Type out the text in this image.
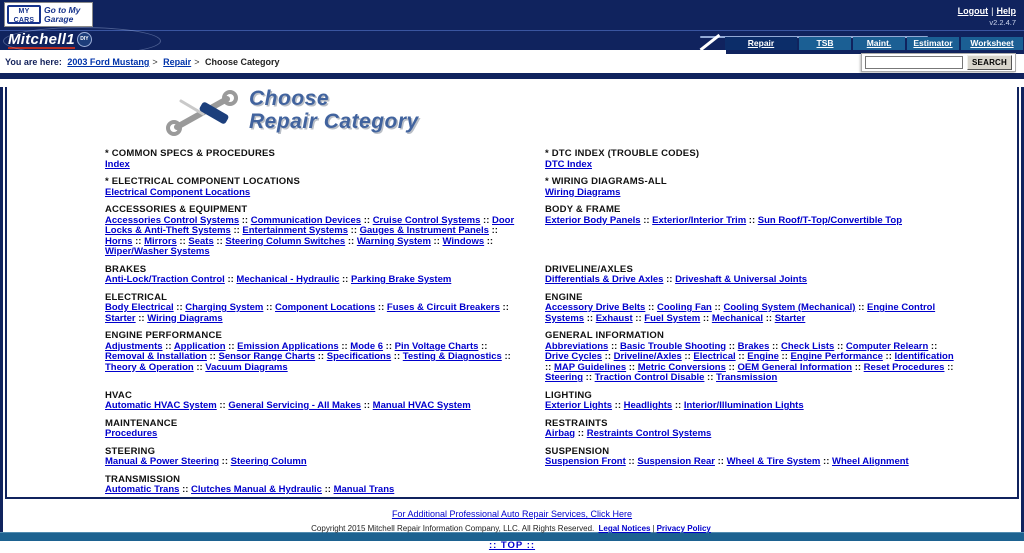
MY CARS
Go to My Garage
Logout | Help
v2.2.4.7
Mitchell1 DIY	Repair	TSB	Maint.	Estimator	Worksheet
You are here: 2003 Ford Mustang > Repair > Choose Category	SEARCH
Choose
Repair Category
* COMMON SPECS & PROCEDURES
Index
* DTC INDEX (TROUBLE CODES)
DTC Index
* ELECTRICAL COMPONENT LOCATIONS
Electrical Component Locations
* WIRING DIAGRAMS-ALL
Wiring Diagrams
ACCESSORIES & EQUIPMENT
Accessories Control Systems :: Communication Devices :: Cruise Control Systems :: Door Locks & Anti-Theft Systems :: Entertainment Systems :: Gauges & Instrument Panels :: Horns :: Mirrors :: Seats :: Steering Column Switches :: Warning System :: Windows :: Wiper/Washer Systems
BODY & FRAME
Exterior Body Panels :: Exterior/Interior Trim :: Sun Roof/T-Top/Convertible Top
BRAKES
Anti-Lock/Traction Control :: Mechanical - Hydraulic :: Parking Brake System
DRIVELINE/AXLES
Differentials & Drive Axles :: Driveshaft & Universal Joints
ELECTRICAL
Body Electrical :: Charging System :: Component Locations :: Fuses & Circuit Breakers :: Starter :: Wiring Diagrams
ENGINE
Accessory Drive Belts :: Cooling Fan :: Cooling System (Mechanical) :: Engine Control Systems :: Exhaust :: Fuel System :: Mechanical :: Starter
ENGINE PERFORMANCE
Adjustments :: Application :: Emission Applications :: Mode 6 :: Pin Voltage Charts :: Removal & Installation :: Sensor Range Charts :: Specifications :: Testing & Diagnostics :: Theory & Operation :: Vacuum Diagrams
GENERAL INFORMATION
Abbreviations :: Basic Trouble Shooting :: Brakes :: Check Lists :: Computer Relearn :: Drive Cycles :: Driveline/Axles :: Electrical :: Engine :: Engine Performance :: Identification :: MAP Guidelines :: Metric Conversions :: OEM General Information :: Reset Procedures :: Steering :: Traction Control Disable :: Transmission
HVAC
Automatic HVAC System :: General Servicing - All Makes :: Manual HVAC System
LIGHTING
Exterior Lights :: Headlights :: Interior/Illumination Lights
MAINTENANCE
Procedures
RESTRAINTS
Airbag :: Restraints Control Systems
STEERING
Manual & Power Steering :: Steering Column
SUSPENSION
Suspension Front :: Suspension Rear :: Wheel & Tire System :: Wheel Alignment
TRANSMISSION
Automatic Trans :: Clutches Manual & Hydraulic :: Manual Trans
For Additional Professional Auto Repair Services, Click Here
Copyright 2015 Mitchell Repair Information Company, LLC. All Rights Reserved. Legal Notices | Privacy Policy
:: TOP ::
